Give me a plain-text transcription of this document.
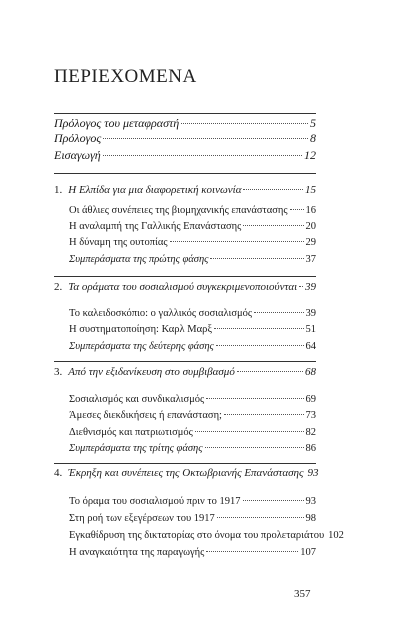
ΠΕΡΙΕΧΟΜΕΝΑ
Πρόλογος του μεταφραστή	5
Πρόλογος	8
Εισαγωγή	12
1. Η Ελπίδα για μια διαφορετική κοινωνία	15
Οι άθλιες συνέπειες της βιομηχανικής επανάστασης 16
Η αναλαμπή της Γαλλικής Επανάστασης	20
Η δύναμη της ουτοπίας	29
Συμπεράσματα της πρώτης φάσης	37
2. Τα οράματα του σοσιαλισμού συγκεκριμενοποιούνται 39
Το καλειδοσκόπιο: ο γαλλικός σοσιαλισμός	39
Η συστηματοποίηση: Καρλ Μαρξ	51
Συμπεράσματα της δεύτερης φάσης	64
3. Από την εξιδανίκευση στο συμβιβασμό	68
Σοσιαλισμός και συνδικαλισμός	69
Άμεσες διεκδικήσεις ή επανάσταση;	73
Διεθνισμός και πατριωτισμός	82
Συμπεράσματα της τρίτης φάσης	86
4. Έκρηξη και συνέπειες της Οκτωβριανής Επανάστασης 93
Το όραμα του σοσιαλισμού πριν το 1917	93
Στη ροή των εξεγέρσεων του 1917	98
Εγκαθίδρυση της δικτατορίας στο όνομα του προλεταριάτου 102
Η αναγκαιότητα της παραγωγής	107
357
